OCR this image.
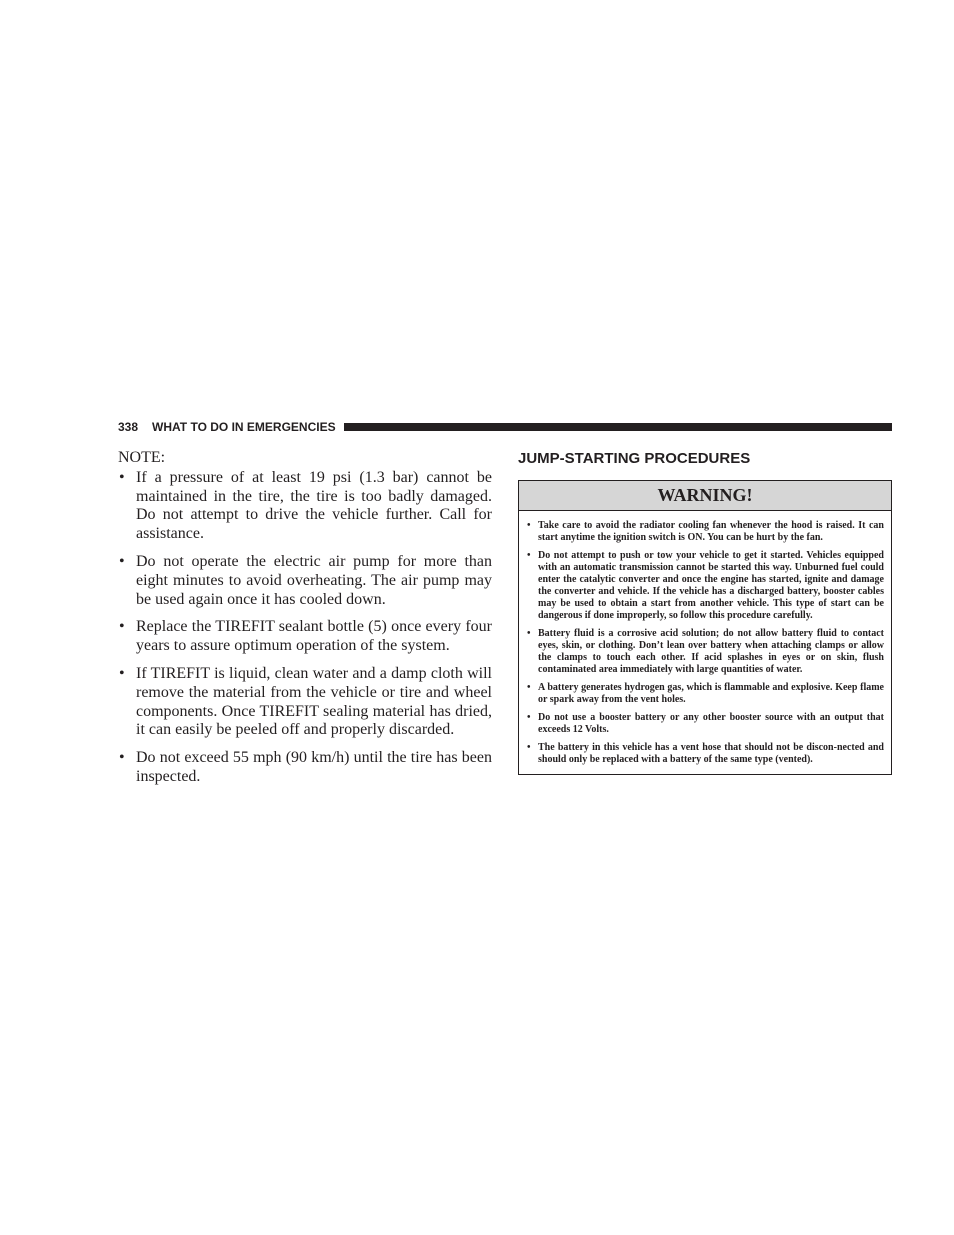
338 WHAT TO DO IN EMERGENCIES
NOTE:
• If a pressure of at least 19 psi (1.3 bar) cannot be maintained in the tire, the tire is too badly damaged. Do not attempt to drive the vehicle further. Call for assistance.
• Do not operate the electric air pump for more than eight minutes to avoid overheating. The air pump may be used again once it has cooled down.
• Replace the TIREFIT sealant bottle (5) once every four years to assure optimum operation of the system.
• If TIREFIT is liquid, clean water and a damp cloth will remove the material from the vehicle or tire and wheel components. Once TIREFIT sealing material has dried, it can easily be peeled off and properly discarded.
• Do not exceed 55 mph (90 km/h) until the tire has been inspected.
JUMP-STARTING PROCEDURES
WARNING!
• Take care to avoid the radiator cooling fan whenever the hood is raised. It can start anytime the ignition switch is ON. You can be hurt by the fan.
• Do not attempt to push or tow your vehicle to get it started. Vehicles equipped with an automatic transmission cannot be started this way. Unburned fuel could enter the catalytic converter and once the engine has started, ignite and damage the converter and vehicle. If the vehicle has a discharged battery, booster cables may be used to obtain a start from another vehicle. This type of start can be dangerous if done improperly, so follow this procedure carefully.
• Battery fluid is a corrosive acid solution; do not allow battery fluid to contact eyes, skin, or clothing. Don’t lean over battery when attaching clamps or allow the clamps to touch each other. If acid splashes in eyes or on skin, flush contaminated area immediately with large quantities of water.
• A battery generates hydrogen gas, which is flammable and explosive. Keep flame or spark away from the vent holes.
• Do not use a booster battery or any other booster source with an output that exceeds 12 Volts.
• The battery in this vehicle has a vent hose that should not be discon-nected and should only be replaced with a battery of the same type (vented).
